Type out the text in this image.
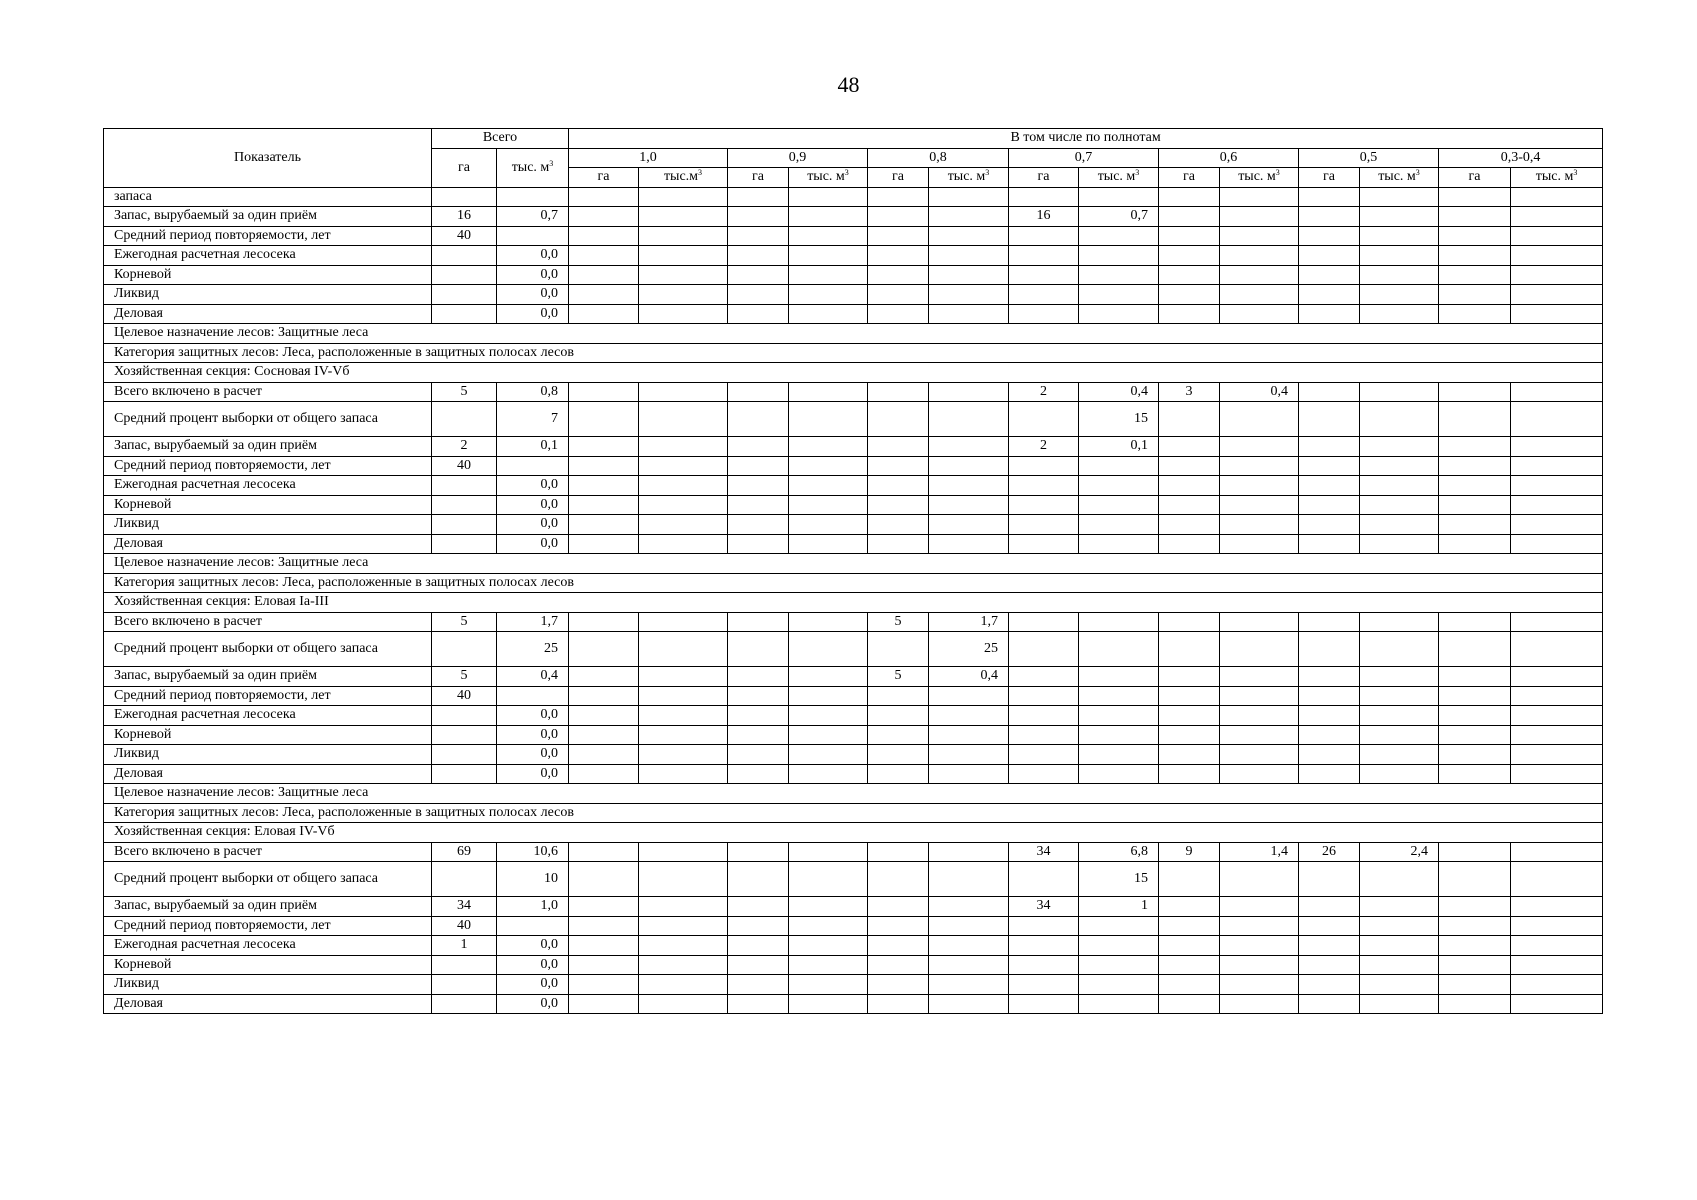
48
Показатель	Всего		В том числе по полнотам													
	га	тыс. $м^3$	1,0		0,9		0,8		0,7		0,6		0,5		0,3-0,4	
			га	$тыс.м^3$	га	тыс. $м^3$	га	тыс. $м^3$	га	тыс. $м^3$	га	тыс. $м^3$	га	тыс. $м^3$	га	тыс. $м^3$
запаса																
Запас, вырубаемый за один приём	16	0,7							16	0,7						
Средний период повторяемости, лет	40															
Ежегодная расчетная лесосека		0,0														
Корневой		0,0														
Ликвид		0,0														
Деловая		0,0														
Целевое назначение лесов: Защитные леса																
Категория защитных лесов: Леса, расположенные в защитных полосах лесов																
Хозяйственная секция: Сосновая IV-Vб																
Всего включено в расчет	5	0,8							2	0,4	3	0,4				
Средний процент выборки от общего запаса		7								15						
Запас, вырубаемый за один приём	2	0,1							2	0,1						
Средний период повторяемости, лет	40															
Ежегодная расчетная лесосека		0,0														
Корневой		0,0														
Ликвид		0,0														
Деловая		0,0														
Целевое назначение лесов: Защитные леса																
Категория защитных лесов: Леса, расположенные в защитных полосах лесов																
Хозяйственная секция: Еловая Ia-III																
Всего включено в расчет	5	1,7					5	1,7								
Средний процент выборки от общего запаса		25						25								
Запас, вырубаемый за один приём	5	0,4					5	0,4								
Средний период повторяемости, лет	40															
Ежегодная расчетная лесосека		0,0														
Корневой		0,0														
Ликвид		0,0														
Деловая		0,0														
Целевое назначение лесов: Защитные леса																
Категория защитных лесов: Леса, расположенные в защитных полосах лесов																
Хозяйственная секция: Еловая IV-Vб																
Всего включено в расчет	69	10,6							34	6,8	9	1,4	26	2,4		
Средний процент выборки от общего запаса		10								15						
Запас, вырубаемый за один приём	34	1,0							34	1						
Средний период повторяемости, лет	40															
Ежегодная расчетная лесосека	1	0,0														
Корневой		0,0														
Ликвид		0,0														
Деловая		0,0														
